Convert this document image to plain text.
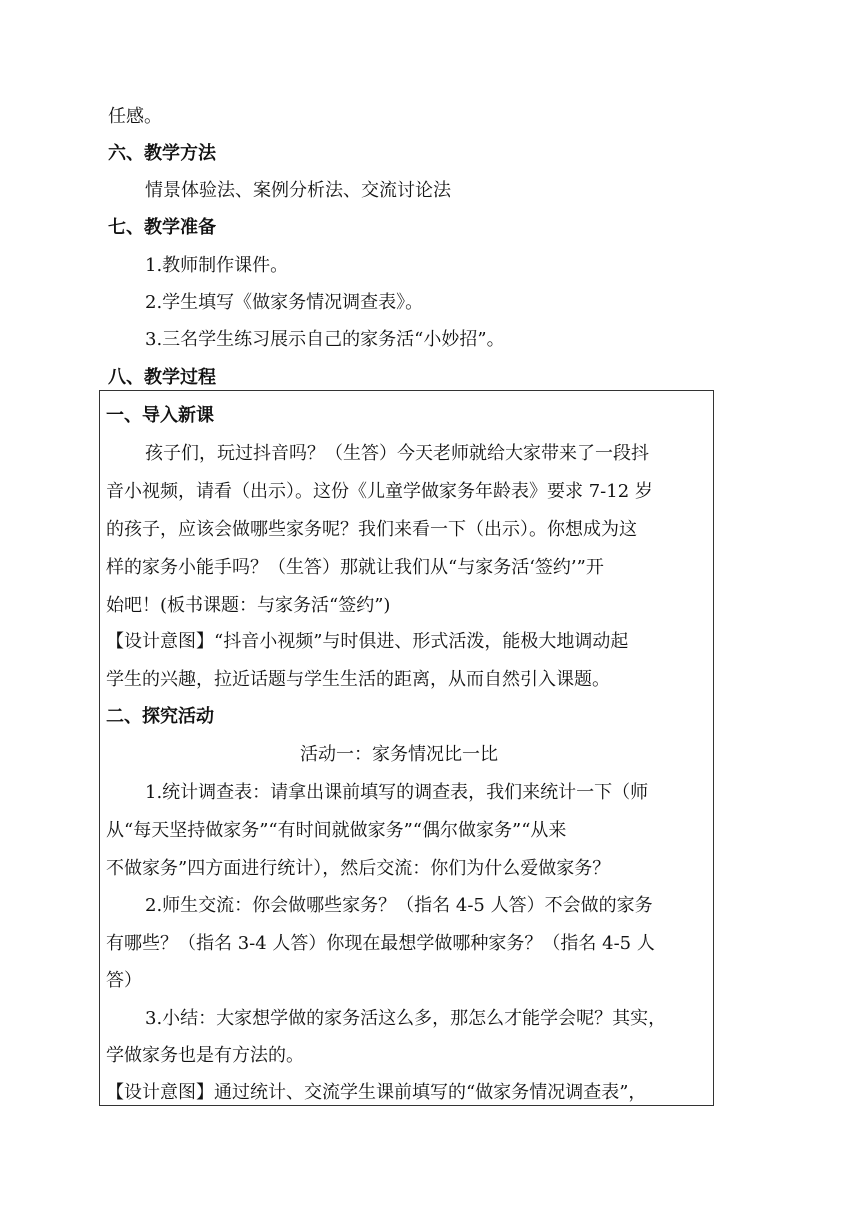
任感。
六、教学方法
情景体验法、案例分析法、交流讨论法
七、教学准备
1.教师制作课件。
2.学生填写《做家务情况调查表》。
3.三名学生练习展示自己的家务活“小妙招”。
八、教学过程
一、导入新课
孩子们，玩过抖音吗？（生答）今天老师就给大家带来了一段抖
音小视频，请看（出示）。这份《儿童学做家务年龄表》要求 7-12 岁
的孩子，应该会做哪些家务呢？我们来看一下（出示）。你想成为这
样的家务小能手吗？（生答）那就让我们从“与家务活‘签约’”开
始吧！(板书课题：与家务活“签约”)
【设计意图】“抖音小视频”与时俱进、形式活泼，能极大地调动起
学生的兴趣，拉近话题与学生生活的距离，从而自然引入课题。
二、探究活动
活动一：家务情况比一比
1.统计调查表：请拿出课前填写的调查表，我们来统计一下（师
从“每天坚持做家务”“有时间就做家务”“偶尔做家务”“从来
不做家务”四方面进行统计），然后交流：你们为什么爱做家务？
2.师生交流：你会做哪些家务？（指名 4-5 人答）不会做的家务
有哪些？（指名 3-4 人答）你现在最想学做哪种家务？（指名 4-5 人
答）
3.小结：大家想学做的家务活这么多，那怎么才能学会呢？其实，
学做家务也是有方法的。
【设计意图】通过统计、交流学生课前填写的“做家务情况调查表”，
